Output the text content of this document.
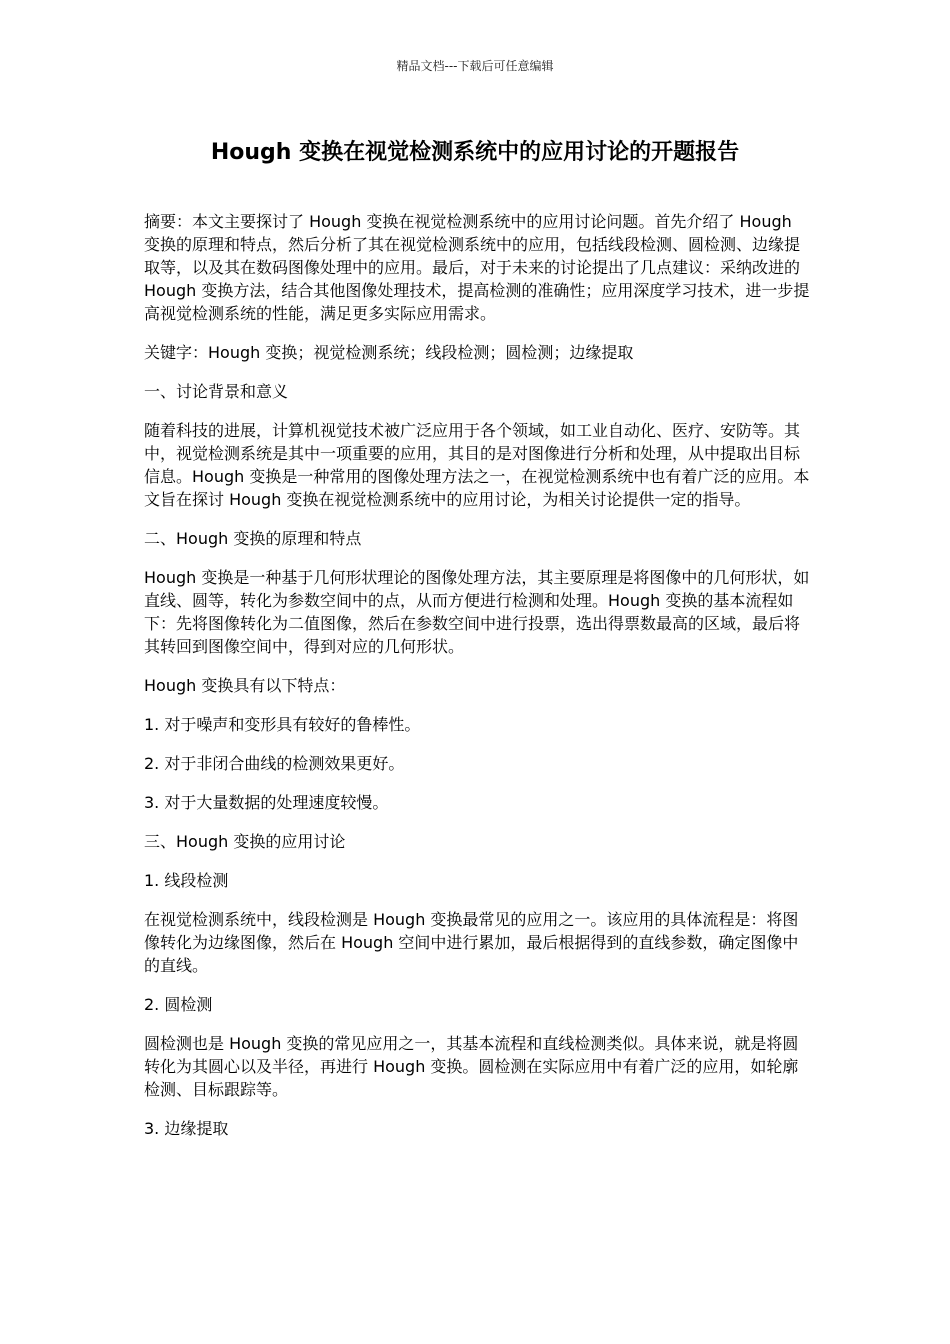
精品文档---下载后可任意编辑
Hough 变换在视觉检测系统中的应用讨论的开题报告

摘要：本文主要探讨了 Hough 变换在视觉检测系统中的应用讨论问题。首先介绍了 Hough 变换的原理和特点，然后分析了其在视觉检测系统中的应用，包括线段检测、圆检测、边缘提取等，以及其在数码图像处理中的应用。最后，对于未来的讨论提出了几点建议：采纳改进的 Hough 变换方法，结合其他图像处理技术，提高检测的准确性；应用深度学习技术，进一步提高视觉检测系统的性能，满足更多实际应用需求。

关键字：Hough 变换；视觉检测系统；线段检测；圆检测；边缘提取

一、讨论背景和意义

随着科技的进展，计算机视觉技术被广泛应用于各个领域，如工业自动化、医疗、安防等。其中，视觉检测系统是其中一项重要的应用，其目的是对图像进行分析和处理，从中提取出目标信息。Hough 变换是一种常用的图像处理方法之一，在视觉检测系统中也有着广泛的应用。本文旨在探讨 Hough 变换在视觉检测系统中的应用讨论，为相关讨论提供一定的指导。

二、Hough 变换的原理和特点

Hough 变换是一种基于几何形状理论的图像处理方法，其主要原理是将图像中的几何形状，如直线、圆等，转化为参数空间中的点，从而方便进行检测和处理。Hough 变换的基本流程如下：先将图像转化为二值图像，然后在参数空间中进行投票，选出得票数最高的区域，最后将其转回到图像空间中，得到对应的几何形状。

Hough 变换具有以下特点：

1. 对于噪声和变形具有较好的鲁棒性。

2. 对于非闭合曲线的检测效果更好。

3. 对于大量数据的处理速度较慢。

三、Hough 变换的应用讨论

1. 线段检测

在视觉检测系统中，线段检测是 Hough 变换最常见的应用之一。该应用的具体流程是：将图像转化为边缘图像，然后在 Hough 空间中进行累加，最后根据得到的直线参数，确定图像中的直线。

2. 圆检测

圆检测也是 Hough 变换的常见应用之一，其基本流程和直线检测类似。具体来说，就是将圆转化为其圆心以及半径，再进行 Hough 变换。圆检测在实际应用中有着广泛的应用，如轮廓检测、目标跟踪等。

3. 边缘提取
